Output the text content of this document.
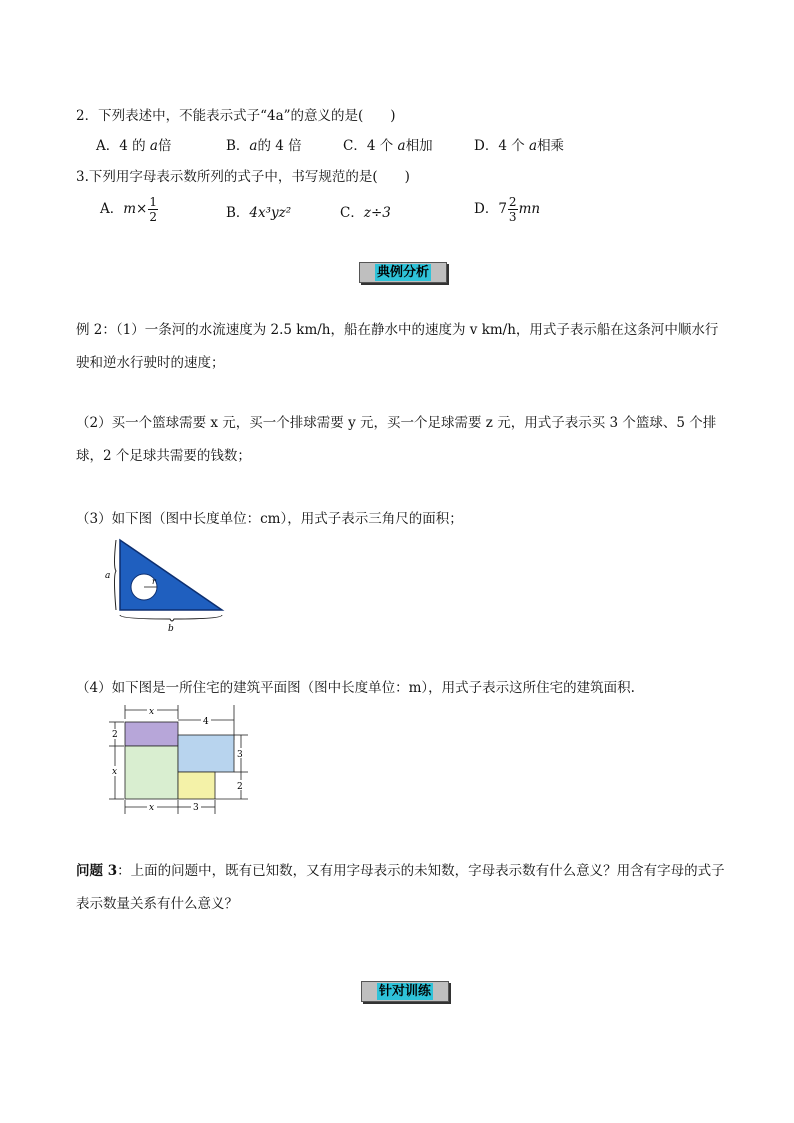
2．下列表述中，不能表示式子“4a”的意义的是(　　)
A．4 的 a倍	B．a的 4 倍	C．4 个 a相加	D．4 个 a相乘
3.下列用字母表示数所列的式子中，书写规范的是(　　)
A．$m\times \frac{1}{2}$	B．4x³yz²	C．z÷3	D．$7 \frac{2}{3}$ mn
典例分析
例 2：（1）一条河的水流速度为 2.5 km/h，船在静水中的速度为 v km/h，用式子表示船在这条河中顺水行驶和逆水行驶时的速度；
（2）买一个篮球需要 x 元，买一个排球需要 y 元，买一个足球需要 z 元，用式子表示买 3 个篮球、5 个排球，2 个足球共需要的钱数；
（3）如下图（图中长度单位：cm），用式子表示三角尺的面积；
a
r
b
（4）如下图是一所住宅的建筑平面图（图中长度单位：m），用式子表示这所住宅的建筑面积.
x
4
2
x
3
2
x	3
问题 3：上面的问题中，既有已知数，又有用字母表示的未知数，字母表示数有什么意义？用含有字母的式子表示数量关系有什么意义？
针对训练
